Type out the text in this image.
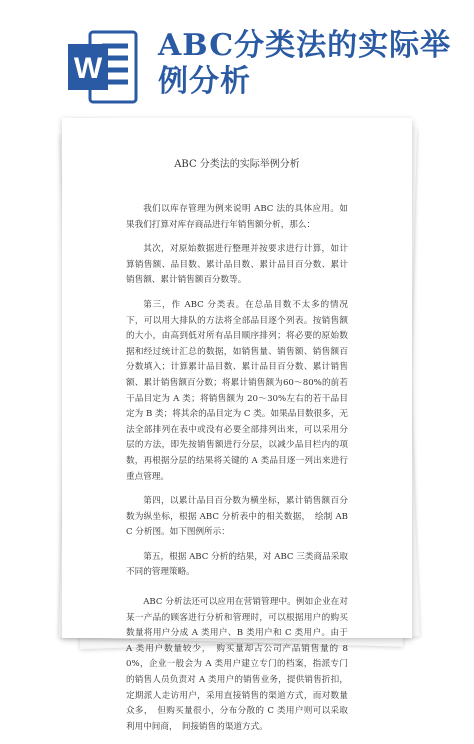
W
ABC分类法的实际举例分析

ABC 分类法的实际举例分析

我们以库存管理为例来说明 ABC 法的具体应用。如果我们打算对库存商品进行年销售额分析，那么：

其次，对原始数据进行整理并按要求进行计算，如计算销售额、品目数、累计品目数、累计品目百分数、累计销售额、累计销售额百分数等。

第三，作 ABC 分类表。在总品目数不太多的情况下，可以用大排队的方法将全部品目逐个列表。按销售额的大小，由高到低对所有品目顺序排列；将必要的原始数据和经过统计汇总的数据，如销售量、销售额、销售额百分数填入；计算累计品目数、累计品目百分数、累计销售额、累计销售额百分数；将累计销售额为60～80%的前若干品目定为 A 类；将销售额为 20～30%左右的若干品目定为 B 类；将其余的品目定为 C 类。如果品目数很多，无法全部排列在表中或没有必要全部排列出来，可以采用分层的方法，即先按销售额进行分层，以减少品目栏内的项数，再根据分层的结果将关键的 A 类品目逐一列出来进行重点管理。

第四，以累计品目百分数为横坐标，累计销售额百分数为纵坐标，根据 ABC 分析表中的相关数据，　绘制 ABC 分析图。如下图例所示：

第五，根据 ABC 分析的结果，对 ABC 三类商品采取不同的管理策略。

ABC 分析法还可以应用在营销管理中。例如企业在对某一产品的顾客进行分析和管理时，可以根据用户的购买数量将用户分成 A 类用户、B 类用户和 C 类用户。由于 A 类用户数量较少，　购买量却占公司产品销售量的 80%，企业一般会为 A 类用户建立专门的档案，指派专门的销售人员负责对 A 类用户的销售业务，提供销售折扣，定期派人走访用户，采用直接销售的渠道方式，而对数量众多，　但购买量很小，分布分散的 C 类用户则可以采取利用中间商，　间接销售的渠道方式。
